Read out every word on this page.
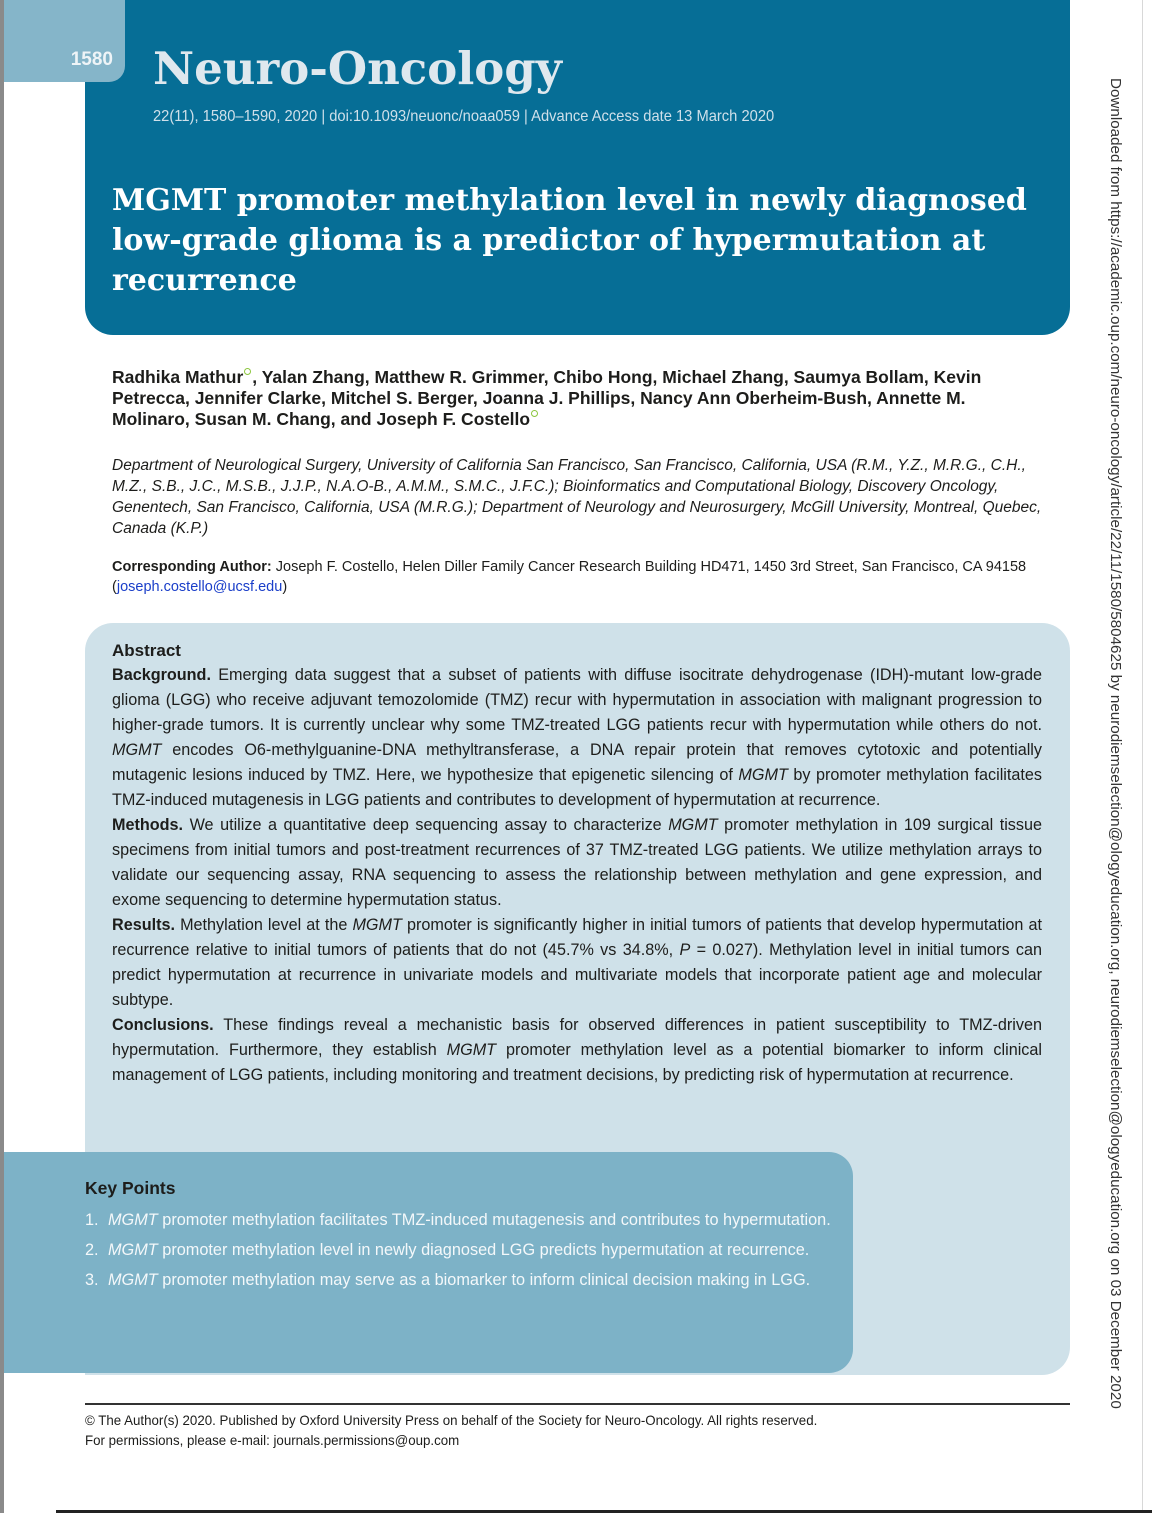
Neuro-Oncology
22(11), 1580–1590, 2020 | doi:10.1093/neuonc/noaa059 | Advance Access date 13 March 2020
MGMT promoter methylation level in newly diagnosed low-grade glioma is a predictor of hypermutation at recurrence
1580
Radhika Mathur , Yalan Zhang, Matthew R. Grimmer, Chibo Hong, Michael Zhang, Saumya Bollam, Kevin Petrecca, Jennifer Clarke, Mitchel S. Berger, Joanna J. Phillips, Nancy Ann Oberheim-Bush, Annette M. Molinaro, Susan M. Chang, and Joseph F. Costello
Department of Neurological Surgery, University of California San Francisco, San Francisco, California, USA (R.M., Y.Z., M.R.G., C.H., M.Z., S.B., J.C., M.S.B., J.J.P., N.A.O-B., A.M.M., S.M.C., J.F.C.); Bioinformatics and Computational Biology, Discovery Oncology, Genentech, San Francisco, California, USA (M.R.G.); Department of Neurology and Neurosurgery, McGill University, Montreal, Quebec, Canada (K.P.)
Corresponding Author: Joseph F. Costello, Helen Diller Family Cancer Research Building HD471, 1450 3rd Street, San Francisco, CA 94158 (joseph.costello@ucsf.edu)
Abstract

Background. Emerging data suggest that a subset of patients with diffuse isocitrate dehydrogenase (IDH)-mutant low-grade glioma (LGG) who receive adjuvant temozolomide (TMZ) recur with hypermutation in association with malignant progression to higher-grade tumors. It is currently unclear why some TMZ-treated LGG patients recur with hypermutation while others do not. MGMT encodes O6-methylguanine-DNA methyltransferase, a DNA repair protein that removes cytotoxic and potentially mutagenic lesions induced by TMZ. Here, we hypothesize that epigenetic silencing of MGMT by promoter methylation facilitates TMZ-induced mutagenesis in LGG patients and contributes to development of hypermutation at recurrence.

Methods. We utilize a quantitative deep sequencing assay to characterize MGMT promoter methylation in 109 surgical tissue specimens from initial tumors and post-treatment recurrences of 37 TMZ-treated LGG patients. We utilize methylation arrays to validate our sequencing assay, RNA sequencing to assess the relationship between methylation and gene expression, and exome sequencing to determine hypermutation status.

Results. Methylation level at the MGMT promoter is significantly higher in initial tumors of patients that develop hypermutation at recurrence relative to initial tumors of patients that do not (45.7% vs 34.8%, P = 0.027). Methylation level in initial tumors can predict hypermutation at recurrence in univariate models and multivariate models that incorporate patient age and molecular subtype.

Conclusions. These findings reveal a mechanistic basis for observed differences in patient susceptibility to TMZ-driven hypermutation. Furthermore, they establish MGMT promoter methylation level as a potential biomarker to inform clinical management of LGG patients, including monitoring and treatment decisions, by predicting risk of hypermutation at recurrence.

Key Points
1. MGMT promoter methylation facilitates TMZ-induced mutagenesis and contributes to hypermutation.
2. MGMT promoter methylation level in newly diagnosed LGG predicts hypermutation at recurrence.
3. MGMT promoter methylation may serve as a biomarker to inform clinical decision making in LGG.
© The Author(s) 2020. Published by Oxford University Press on behalf of the Society for Neuro-Oncology. All rights reserved.
For permissions, please e-mail: journals.permissions@oup.com
Downloaded from https://academic.oup.com/neuro-oncology/article/22/11/1580/5804625 by neurodiemselection@ologyeducation.org, neurodiemselection@ologyeducation.org on 03 December 2020
